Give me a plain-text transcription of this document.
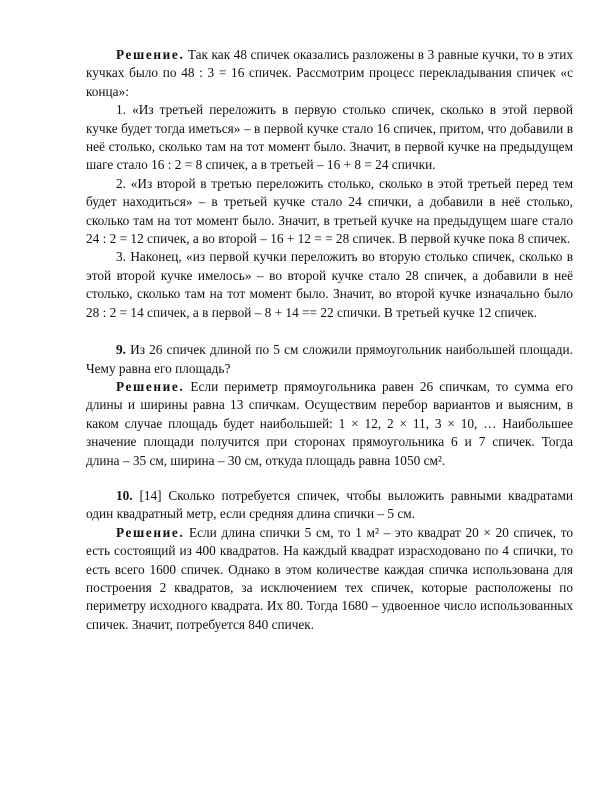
Решение. Так как 48 спичек оказались разложены в 3 равные кучки, то в этих кучках было по 48 : 3 = 16 спичек. Рассмотрим процесс перекладывания спичек «с конца»:

1. «Из третьей переложить в первую столько спичек, сколько в этой первой кучке будет тогда иметься» – в первой кучке стало 16 спичек, притом, что добавили в неё столько, сколько там на тот момент было. Значит, в первой кучке на предыдущем шаге стало 16 : 2 = 8 спичек, а в третьей – 16 + 8 = 24 спички.

2. «Из второй в третью переложить столько, сколько в этой третьей перед тем будет находиться» – в третьей кучке стало 24 спички, а добавили в неё столько, сколько там на тот момент было. Значит, в третьей кучке на предыдущем шаге стало 24 : 2 = 12 спичек, а во второй – 16 + 12 = = 28 спичек. В первой кучке пока 8 спичек.

3. Наконец, «из первой кучки переложить во вторую столько спичек, сколько в этой второй кучке имелось» – во второй кучке стало 28 спичек, а добавили в неё столько, сколько там на тот момент было. Значит, во второй кучке изначально было 28 : 2 = 14 спичек, а в первой – 8 + 14 == 22 спички. В третьей кучке 12 спичек.

9. Из 26 спичек длиной по 5 см сложили прямоугольник наибольшей площади. Чему равна его площадь?

Решение. Если периметр прямоугольника равен 26 спичкам, то сумма его длины и ширины равна 13 спичкам. Осуществим перебор вариантов и выясним, в каком случае площадь будет наибольшей: 1 × 12, 2 × 11, 3 × 10, … Наибольшее значение площади получится при сторонах прямоугольника 6 и 7 спичек. Тогда длина – 35 см, ширина – 30 см, откуда площадь равна 1050 см².

10. [14] Сколько потребуется спичек, чтобы выложить равными квадратами один квадратный метр, если средняя длина спички – 5 см.

Решение. Если длина спички 5 см, то 1 м² – это квадрат 20 × 20 спичек, то есть состоящий из 400 квадратов. На каждый квадрат израсходовано по 4 спички, то есть всего 1600 спичек. Однако в этом количестве каждая спичка использована для построения 2 квадратов, за исключением тех спичек, которые расположены по периметру исходного квадрата. Их 80. Тогда 1680 – удвоенное число использованных спичек. Значит, потребуется 840 спичек.
